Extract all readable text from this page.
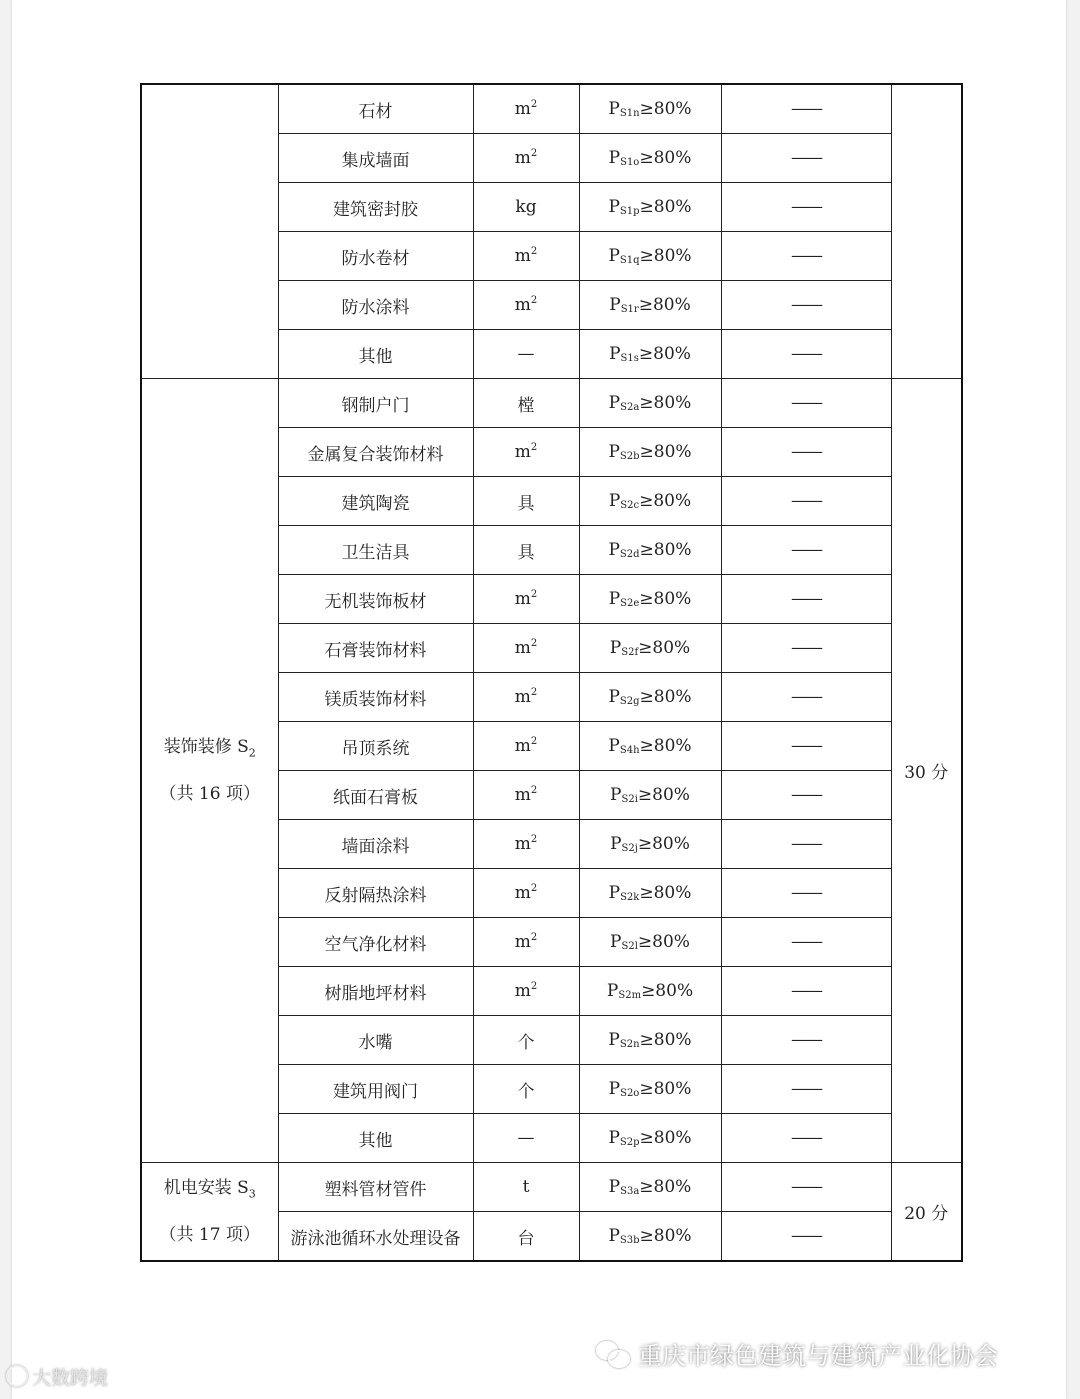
	石材	$m^2$	$P_{S1n}\ge 80\%$	——	
	集成墙面	$m^2$	$P_{S1o}\ge 80\%$	——	
	建筑密封胶	kg	$P_{S1p}\ge 80\%$	——	
	防水卷材	$m^2$	$P_{S1q}\ge 80\%$	——	
	防水涂料	$m^2$	$P_{S1r}\ge 80\%$	——	
	其他	—	$P_{S1s}\ge 80\%$	——	

装饰装修 $S_2$
（共 16 项）	钢制户门	樘	$P_{S2a}\ge 80\%$	——	30 分
	金属复合装饰材料	$m^2$	$P_{S2b}\ge 80\%$	——	
	建筑陶瓷	具	$P_{S2c}\ge 80\%$	——	
	卫生洁具	具	$P_{S2d}\ge 80\%$	——	
	无机装饰板材	$m^2$	$P_{S2e}\ge 80\%$	——	
	石膏装饰材料	$m^2$	$P_{S2f}\ge 80\%$	——	
	镁质装饰材料	$m^2$	$P_{S2g}\ge 80\%$	——	
	吊顶系统	$m^2$	$P_{S4h}\ge 80\%$	——	
	纸面石膏板	$m^2$	$P_{S2i}\ge 80\%$	——	
	墙面涂料	$m^2$	$P_{S2j}\ge 80\%$	——	
	反射隔热涂料	$m^2$	$P_{S2k}\ge 80\%$	——	
	空气净化材料	$m^2$	$P_{S2l}\ge 80\%$	——	
	树脂地坪材料	$m^2$	$P_{S2m}\ge 80\%$	——	
	水嘴	个	$P_{S2n}\ge 80\%$	——	
	建筑用阀门	个	$P_{S2o}\ge 80\%$	——	
	其他	—	$P_{S2p}\ge 80\%$	——	

机电安装 $S_3$
（共 17 项）	塑料管材管件	t	$P_{S3a}\ge 80\%$	——	20 分
	游泳池循环水处理设备	台	$P_{S3b}\ge 80\%$	——	
大数跨境
重庆市绿色建筑与建筑产业化协会
